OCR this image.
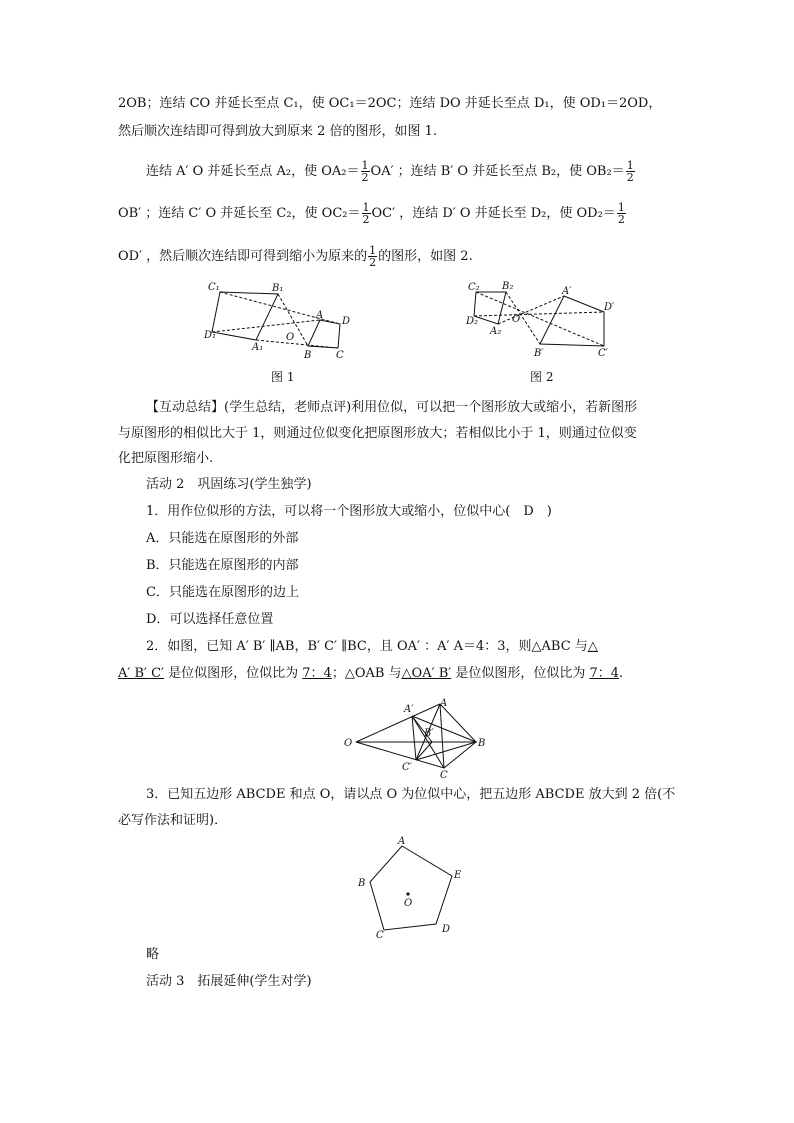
2OB；连结 CO 并延长至点 C₁，使 OC₁＝2OC；连结 DO 并延长至点 D₁，使 OD₁＝2OD，
然后顺次连结即可得到放大到原来 2 倍的图形，如图 1.
连结 A′ O 并延长至点 A₂，使 $OA_2= \frac{1}{2} OA'$ ；连结 B′ O 并延长至点 B₂，使 $OB_2= \frac{1}{2}$
OB′ ；连结 C′ O 并延长至 C₂，使 $OC_2= \frac{1}{2} OC'$ ，连结 D′ O 并延长至 D₂，使 $OD_2= \frac{1}{2}$
OD′ ，然后顺次连结即可得到缩小为原来的 $\frac{1}{2}$ 的图形，如图 2.
C₁	B₁
D₁
A₁
O
A
D
B C
图 1
C₂ B₂
D₂
A₂
O
A′
D′
B′	C′
图 2
【互动总结】(学生总结，老师点评)利用位似，可以把一个图形放大或缩小，若新图形
与原图形的相似比大于 1，则通过位似变化把原图形放大；若相似比小于 1，则通过位似变
化把原图形缩小.
活动 2　巩固练习(学生独学)
1．用作位似形的方法，可以将一个图形放大或缩小，位似中心(　D　)
A．只能选在原图形的外部
B．只能选在原图形的内部
C．只能选在原图形的边上
D．可以选择任意位置
2．如图，已知 A′ B′ ∥AB，B′ C′ ∥BC，且 OA′ ：A′ A＝4：3，则△ABC 与△
A′ B′ C′ 是位似图形，位似比为 7：4；△OAB 与△OA′ B′ 是位似图形，位似比为 7：4.
O
A′
A
B′
B
C′
C
3．已知五边形 ABCDE 和点 O，请以点 O 为位似中心，把五边形 ABCDE 放大到 2 倍(不
必写作法和证明)．
A
B
C
D
E
O
略
活动 3　拓展延伸(学生对学)
